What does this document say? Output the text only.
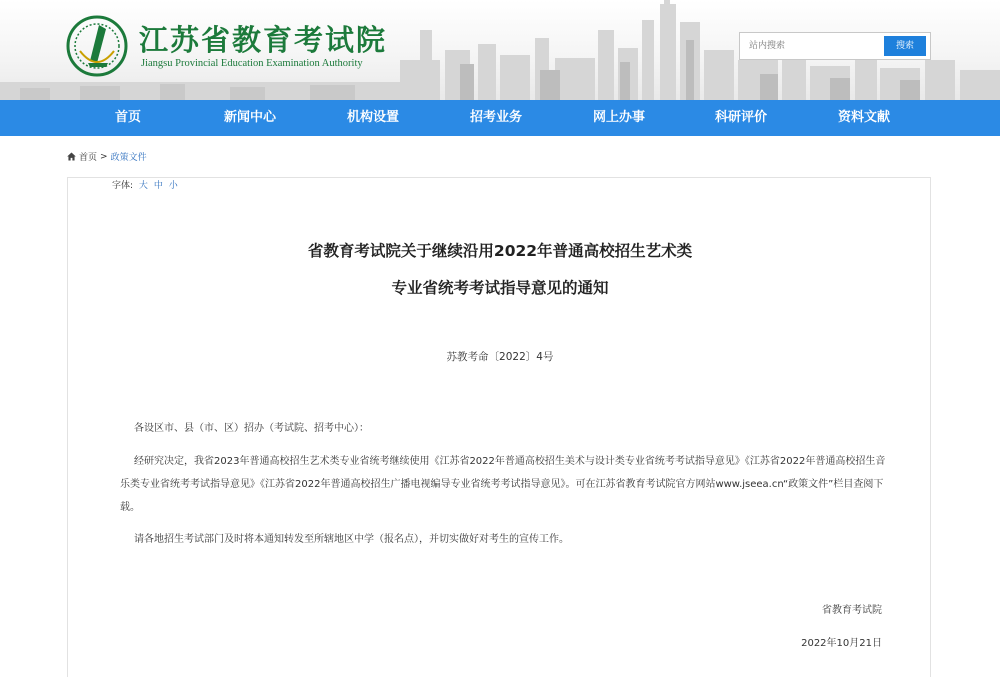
江苏省教育考试院
Jiangsu Provincial Education Examination Authority
站内搜索
搜索
首页	新闻中心	机构设置	招考业务	网上办事	科研评价	资料文献
首页 > 政策文件
字体: 大 中 小
省教育考试院关于继续沿用2022年普通高校招生艺术类
专业省统考考试指导意见的通知
苏教考命〔2022〕4号
各设区市、县（市、区）招办（考试院、招考中心）：
经研究决定，我省2023年普通高校招生艺术类专业省统考继续使用《江苏省2022年普通高校招生美术与设计类专业省统考考试指导意见》《江苏省2022年普通高校招生音乐类专业省统考考试指导意见》《江苏省2022年普通高校招生广播电视编导专业省统考考试指导意见》。可在江苏省教育考试院官方网站www.jseea.cn“政策文件”栏目查阅下载。
请各地招生考试部门及时将本通知转发至所辖地区中学（报名点），并切实做好对考生的宣传工作。
省教育考试院
2022年10月21日
